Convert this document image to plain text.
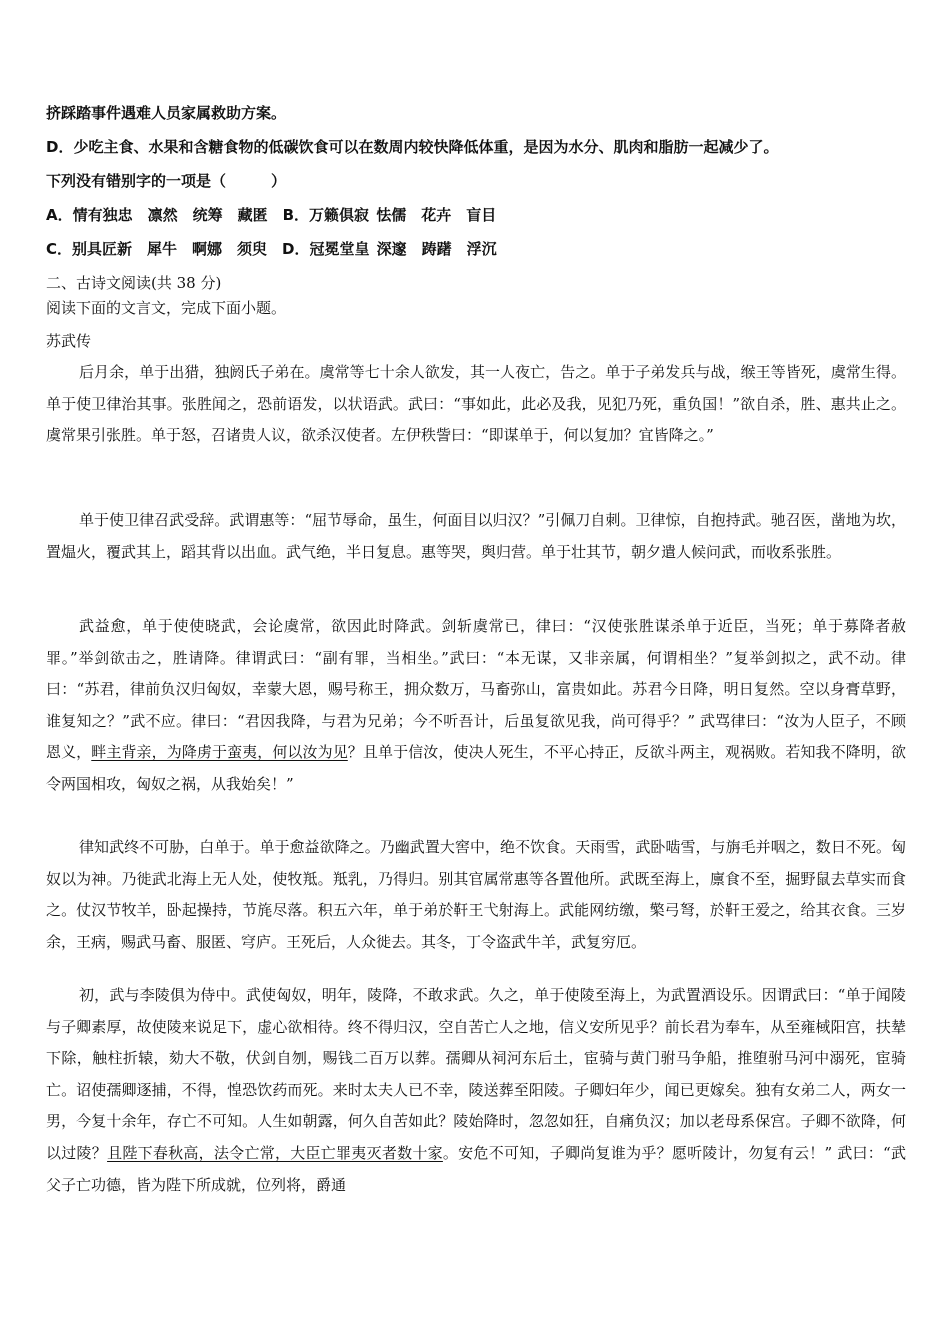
挤踩踏事件遇难人员家属救助方案。
D．少吃主食、水果和含糖食物的低碳饮食可以在数周内较快降低体重，是因为水分、肌肉和脂肪一起减少了。
下列没有错别字的一项是（　　　）
A．情有独忠　凛然　统筹　藏匿　B．万籁俱寂 怯儒　花卉　盲目
C．别具匠新　犀牛　啊娜　须臾　D．冠冕堂皇 深邃　踌躇　浮沉
二、古诗文阅读(共 38 分)
阅读下面的文言文，完成下面小题。
苏武传

后月余，单于出猎，独阏氏子弟在。虞常等七十余人欲发，其一人夜亡，告之。单于子弟发兵与战，缑王等皆死，虞常生得。单于使卫律治其事。张胜闻之，恐前语发，以状语武。武曰：“事如此，此必及我，见犯乃死，重负国！”欲自杀，胜、惠共止之。虞常果引张胜。单于怒，召诸贵人议，欲杀汉使者。左伊秩訾曰：“即谋单于，何以复加？宜皆降之。”

单于使卫律召武受辞。武谓惠等：“屈节辱命，虽生，何面目以归汉？”引佩刀自刺。卫律惊，自抱持武。驰召医，凿地为坎，置煴火，覆武其上，蹈其背以出血。武气绝，半日复息。惠等哭，舆归营。单于壮其节，朝夕遣人候问武，而收系张胜。

武益愈，单于使使晓武，会论虞常，欲因此时降武。剑斩虞常已，律曰：“汉使张胜谋杀单于近臣，当死；单于募降者赦罪。”举剑欲击之，胜请降。律谓武曰：“副有罪，当相坐。”武曰：“本无谋，又非亲属，何谓相坐？”复举剑拟之，武不动。律曰：“苏君，律前负汉归匈奴，幸蒙大恩，赐号称王，拥众数万，马畜弥山，富贵如此。苏君今日降，明日复然。空以身膏草野，谁复知之？”武不应。律曰：“君因我降，与君为兄弟；今不听吾计，后虽复欲见我，尚可得乎？” 武骂律曰：“汝为人臣子，不顾恩义，畔主背亲，为降虏于蛮夷，何以汝为见？且单于信汝，使决人死生，不平心持正，反欲斗两主，观祸败。若知我不降明，欲令两国相攻，匈奴之祸，从我始矣！”

律知武终不可胁，白单于。单于愈益欲降之。乃幽武置大窖中，绝不饮食。天雨雪，武卧啮雪，与旃毛并咽之，数日不死。匈奴以为神。乃徙武北海上无人处，使牧羝。羝乳，乃得归。别其官属常惠等各置他所。武既至海上，廪食不至，掘野鼠去草实而食之。仗汉节牧羊，卧起操持，节旄尽落。积五六年，单于弟於靬王弋射海上。武能网纺缴，檠弓弩，於靬王爱之，给其衣食。三岁余，王病，赐武马畜、服匿、穹庐。王死后，人众徙去。其冬，丁令盗武牛羊，武复穷厄。

初，武与李陵俱为侍中。武使匈奴，明年，陵降，不敢求武。久之，单于使陵至海上，为武置酒设乐。因谓武曰：“单于闻陵与子卿素厚，故使陵来说足下，虚心欲相待。终不得归汉，空自苦亡人之地，信义安所见乎？前长君为奉车，从至雍棫阳宫，扶辇下除，触柱折辕，劾大不敬，伏剑自刎，赐钱二百万以葬。孺卿从祠河东后土，宦骑与黄门驸马争船，推堕驸马河中溺死，宦骑亡。诏使孺卿逐捕，不得，惶恐饮药而死。来时太夫人已不幸，陵送葬至阳陵。子卿妇年少，闻已更嫁矣。独有女弟二人，两女一男，今复十余年，存亡不可知。人生如朝露，何久自苦如此？陵始降时，忽忽如狂，自痛负汉；加以老母系保宫。子卿不欲降，何以过陵？且陛下春秋高，法令亡常，大臣亡罪夷灭者数十家。安危不可知，子卿尚复谁为乎？愿听陵计，勿复有云！” 武曰：“武父子亡功德，皆为陛下所成就，位列将，爵通
